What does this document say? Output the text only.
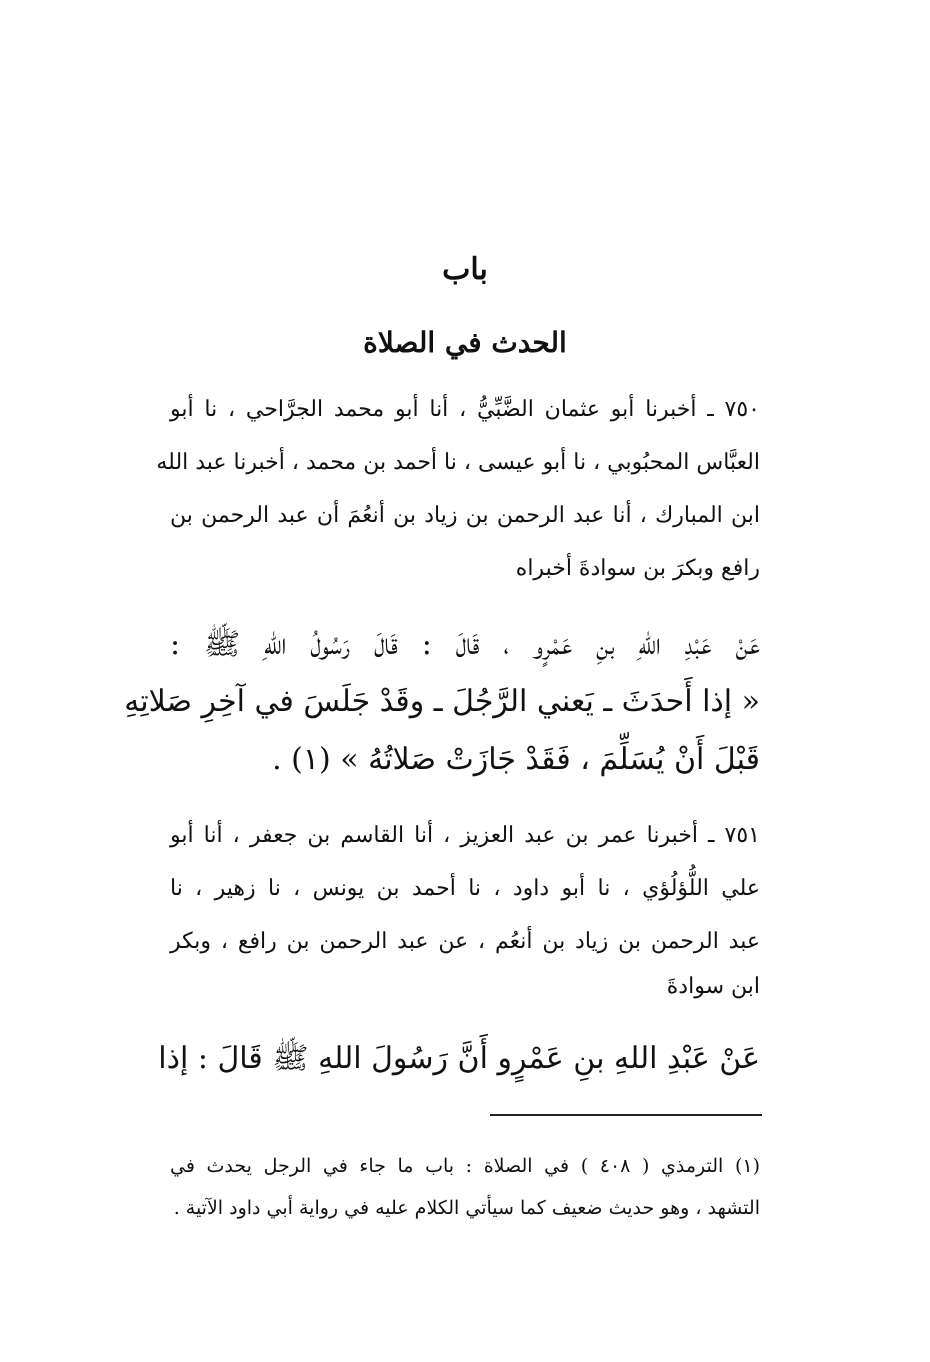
باب
الحدث في الصلاة
٧٥٠ ـ أخبرنا أبو عثمان الضَّبِّيُّ ، أنا أبو محمد الجرَّاحي ، نا أبو
العبَّاس المحبُوبي ، نا أبو عيسى ، نا أحمد بن محمد ، أخبرنا عبد الله
ابن المبارك ، أنا عبد الرحمن بن زياد بن أنعُمَ أن عبد الرحمن بن
رافع وبكرَ بن سوادةَ أخبراه
عَنْ عَبْدِ اللهِ بنِ عَمْرٍو ، قَالَ : قَالَ رَسُولُ اللهِ ﷺ :
« إذا أَحدَثَ ـ يَعني الرَّجُلَ ـ وقَدْ جَلَسَ في آخِرِ صَلاتِهِ
قَبْلَ أَنْ يُسَلِّمَ ، فَقَدْ جَازَتْ صَلاتُهُ » (١) .
٧٥١ ـ أخبرنا عمر بن عبد العزيز ، أنا القاسم بن جعفر ، أنا أبو
علي اللُّؤلُؤي ، نا أبو داود ، نا أحمد بن يونس ، نا زهير ، نا
عبد الرحمن بن زياد بن أنعُم ، عن عبد الرحمن بن رافع ، وبكر
ابن سوادةَ
عَنْ عَبْدِ اللهِ بنِ عَمْرٍو أَنَّ رَسُولَ اللهِ ﷺ قَالَ : إذا
(١) الترمذي ( ٤٠٨ ) في الصلاة : باب ما جاء في الرجل يحدث في
التشهد ، وهو حديث ضعيف كما سيأتي الكلام عليه في رواية أبي داود الآتية .
